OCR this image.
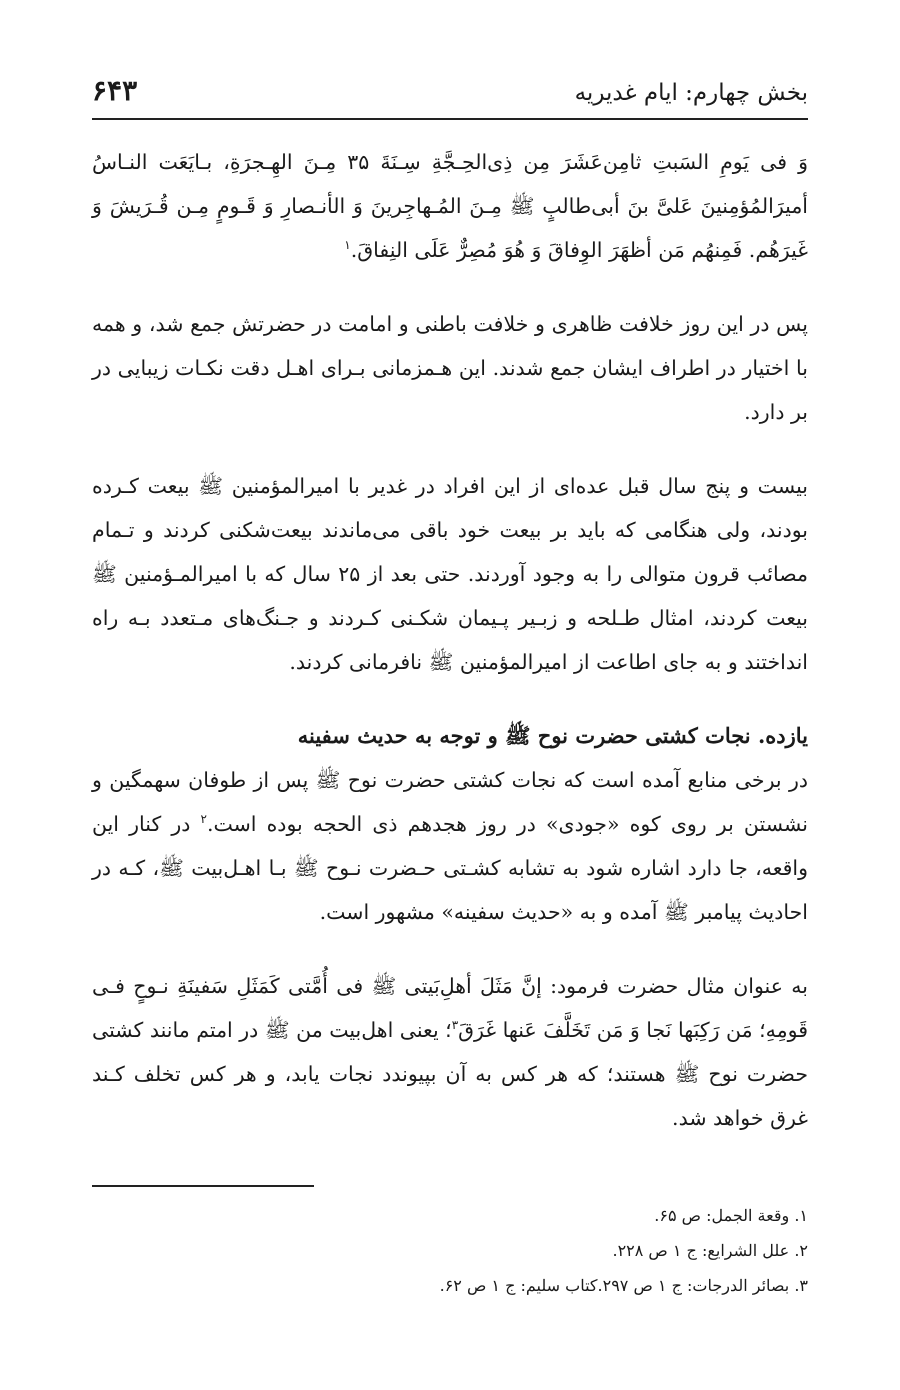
بخش چهارم: ایام غدیریه
۶۴۳

وَ فی یَومِ السَبتِ ثامِن‌عَشَرَ مِن ذِی‌الحِـجَّةِ سِـنَةَ ۳۵ مِـنَ الهِـجرَةِ، بـایَعَت النـاسُ أميرَالمُؤمِنينَ عَلیَّ بنَ أبی‌طالبٍ ﷺ مِـنَ المُـهاجِرينَ وَ الأنـصارِ وَ قَـومٍ مِـن قُـرَيشَ وَ غَيرَهُم. فَمِنهُم مَن أظهَرَ الوِفاقَ وَ هُوَ مُصِرٌّ عَلَی النِفاقَ.$^۱$

پس در این روز خلافت ظاهری و خلافت باطنی و امامت در حضرتش جمع شد، و همه با اختیار در اطراف ایشان جمع شدند. این هـمزمانی بـرای اهـل دقت نکـات زیبایی در بر دارد.

بیست و پنج سال قبل عده‌ای از این افراد در غدیر با امیرالمؤمنین ﷺ بیعت کـرده بودند، ولی هنگامی که باید بر بیعت خود باقی می‌ماندند بیعت‌شکنی کردند و تـمام مصائب قرون متوالی را به وجود آوردند. حتی بعد از ۲۵ سال که با امیرالمـؤمنین ﷺ بیعت کردند، امثال طـلحه و زبـیر پـیمان شکـنی کـردند و جـنگ‌های مـتعدد بـه راه انداختند و به جای اطاعت از امیرالمؤمنین ﷺ نافرمانی کردند.

یازده. نجات کشتی حضرت نوح ﷺ و توجه به حدیث سفینه

در برخی منابع آمده است که نجات کشتی حضرت نوح ﷺ پس از طوفان سهمگین و نشستن بر روی کوه «جودی» در روز هجدهم ذی الحجه بوده است.$^۲$ در کنار این واقعه، جا دارد اشاره شود به تشابه کشـتی حـضرت نـوح ﷺ بـا اهـل‌بیت ﷺ، کـه در احادیث پیامبر ﷺ آمده و به «حدیث سفینه» مشهور است.

به عنوان مثال حضرت فرمود: إنَّ مَثَلَ أهلِ‌بَیتی ﷺ فی أُمَّتی کَمَثَلِ سَفینَةِ نـوحٍ فـی قَومِهِ؛ مَن رَکِبَها نَجا وَ مَن تَخَلَّفَ عَنها غَرَقَ$^۳$؛ یعنی اهل‌بیت من ﷺ در امتم مانند کشتی حضرت نوح ﷺ هستند؛ که هر کس به آن بپیوندد نجات یابد، و هر کس تخلف کـند غرق خواهد شد.

۱. وقعة الجمل: ص ۶۵.
۲. علل الشرایع: ج ۱ ص ۲۲۸.
۳. بصائر الدرجات: ج ۱ ص ۲۹۷.کتاب سلیم: ج ۱ ص ۶۲.
